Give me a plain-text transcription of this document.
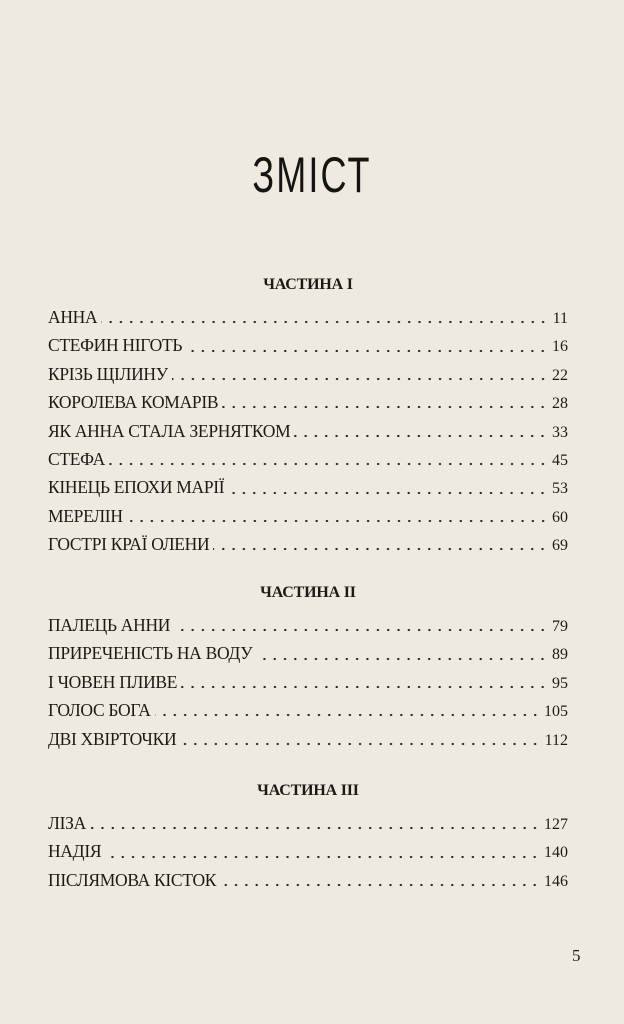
ЗМІСТ
ЧАСТИНА I
АННА	11
СТЕФИН НІГОТЬ	16
КРІЗЬ ЩІЛИНУ	22
КОРОЛЕВА КОМАРІВ	28
ЯК АННА СТАЛА ЗЕРНЯТКОМ	33
СТЕФА	45
КІНЕЦЬ ЕПОХИ МАРІЇ	53
МЕРЕЛІН	60
ГОСТРІ КРАЇ ОЛЕНИ	69
ЧАСТИНА II
ПАЛЕЦЬ АННИ	79
ПРИРЕЧЕНІСТЬ НА ВОДУ	89
І ЧОВЕН ПЛИВЕ	95
ГОЛОС БОГА	105
ДВІ ХВІРТОЧКИ	112
ЧАСТИНА III
ЛІЗА	127
НАДІЯ	140
ПІСЛЯМОВА КІСТОК	146
5
